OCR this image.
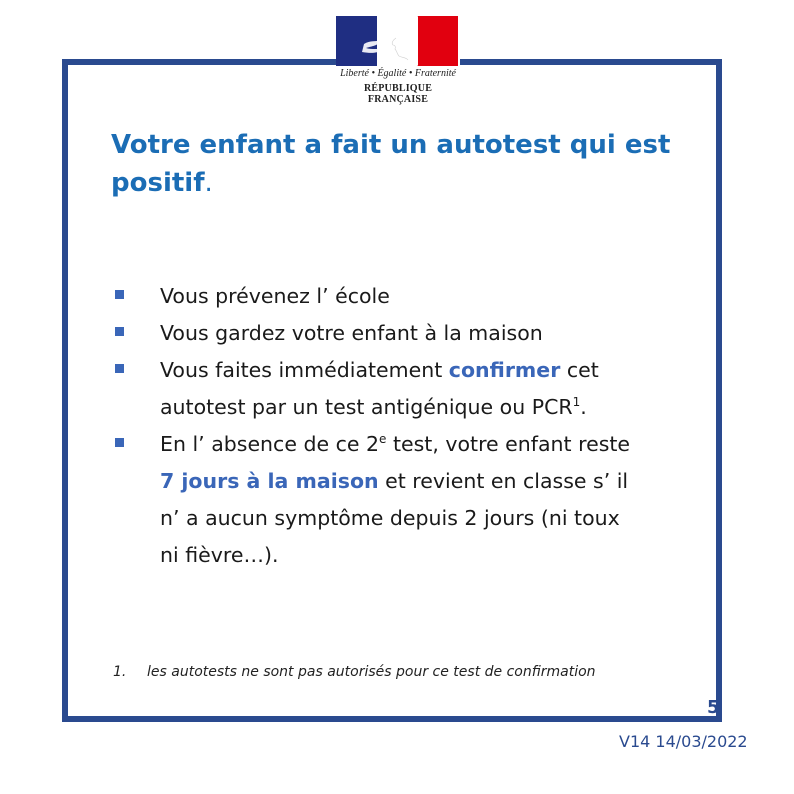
Liberté • Égalité • Fraternité
RÉPUBLIQUE FRANÇAISE
Votre enfant a fait un autotest qui est
positif.
Vous prévenez l’ école
Vous gardez votre enfant à la maison
Vous faites immédiatement confirmer cet
autotest par un test antigénique ou PCR$^1$.
En l’ absence de ce 2e test, votre enfant reste
7 jours à la maison et revient en classe s’ il
n’ a aucun symptôme depuis 2 jours (ni toux
ni fièvre…).
1. les autotests ne sont pas autorisés pour ce test de confirmation
5
V14 14/03/2022
